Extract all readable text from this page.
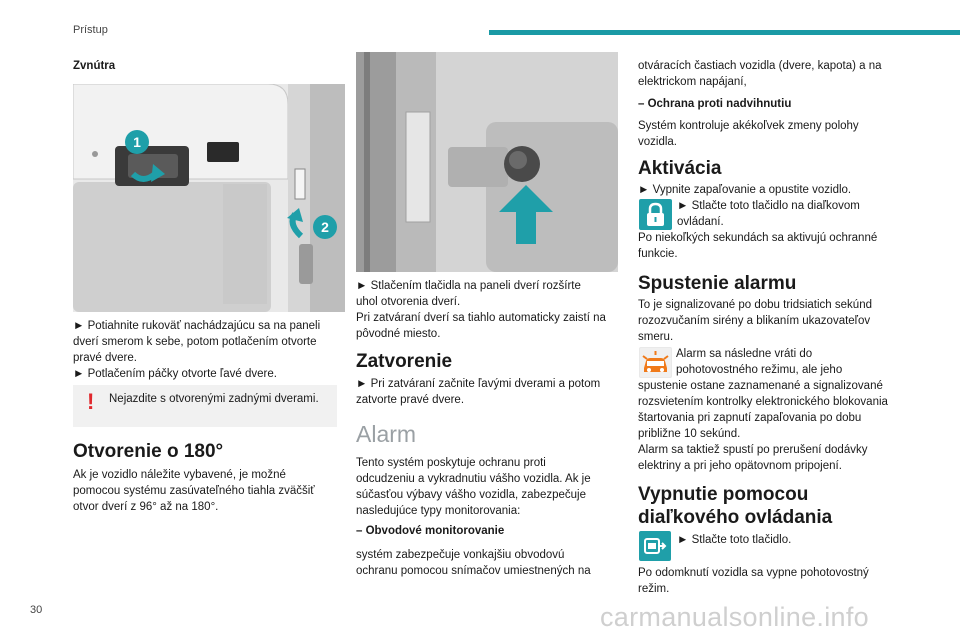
Prístup
Zvnútra
1
2

► Potiahnite rukoväť nachádzajúcu sa na paneli

dverí smerom k sebe, potom potlačením otvorte

pravé dvere.

► Potlačením páčky otvorte ľavé dvere.

! Nejazdite s otvorenými zadnými dverami.
Otvorenie o 180°

Ak je vozidlo náležite vybavené, je možné

pomocou systému zasúvateľného tiahla zväčšiť

otvor dverí z 96° až na 180°.

► Stlačením tlačidla na paneli dverí rozšírte

uhol otvorenia dverí.

Pri zatváraní dverí sa tiahlo automaticky zaistí na

pôvodné miesto.

Zatvorenie

► Pri zatváraní začnite ľavými dverami a potom

zatvorte pravé dvere.

Alarm

Tento systém poskytuje ochranu proti

odcudzeniu a vykradnutiu vášho vozidla. Ak je

súčasťou výbavy vášho vozidla, zabezpečuje

nasledujúce typy monitorovania:

– Obvodové monitorovanie

systém zabezpečuje vonkajšiu obvodovú

ochranu pomocou snímačov umiestnených na

otváracích častiach vozidla (dvere, kapota) a na

elektrickom napájaní,

– Ochrana proti nadvihnutiu

Systém kontroluje akékoľvek zmeny polohy

vozidla.

Aktivácia

► Vypnite zapaľovanie a opustite vozidlo.

► Stlačte toto tlačidlo na diaľkovom

ovládaní.

Po niekoľkých sekundách sa aktivujú ochranné

funkcie.

Spustenie alarmu

To je signalizované po dobu tridsiatich sekúnd

rozozvučaním sirény a blikaním ukazovateľov

smeru.

Alarm sa následne vráti do

pohotovostného režimu, ale jeho

spustenie ostane zaznamenané a signalizované

rozsvietením kontrolky elektronického blokovania

štartovania pri zapnutí zapaľovania po dobu

približne 10 sekúnd.

Alarm sa taktiež spustí po prerušení dodávky

elektriny a pri jeho opätovnom pripojení.

Vypnutie pomocou
diaľkového ovládania

► Stlačte toto tlačidlo.

Po odomknutí vozidla sa vypne pohotovostný

režim.

30	carmanualsonline.info
